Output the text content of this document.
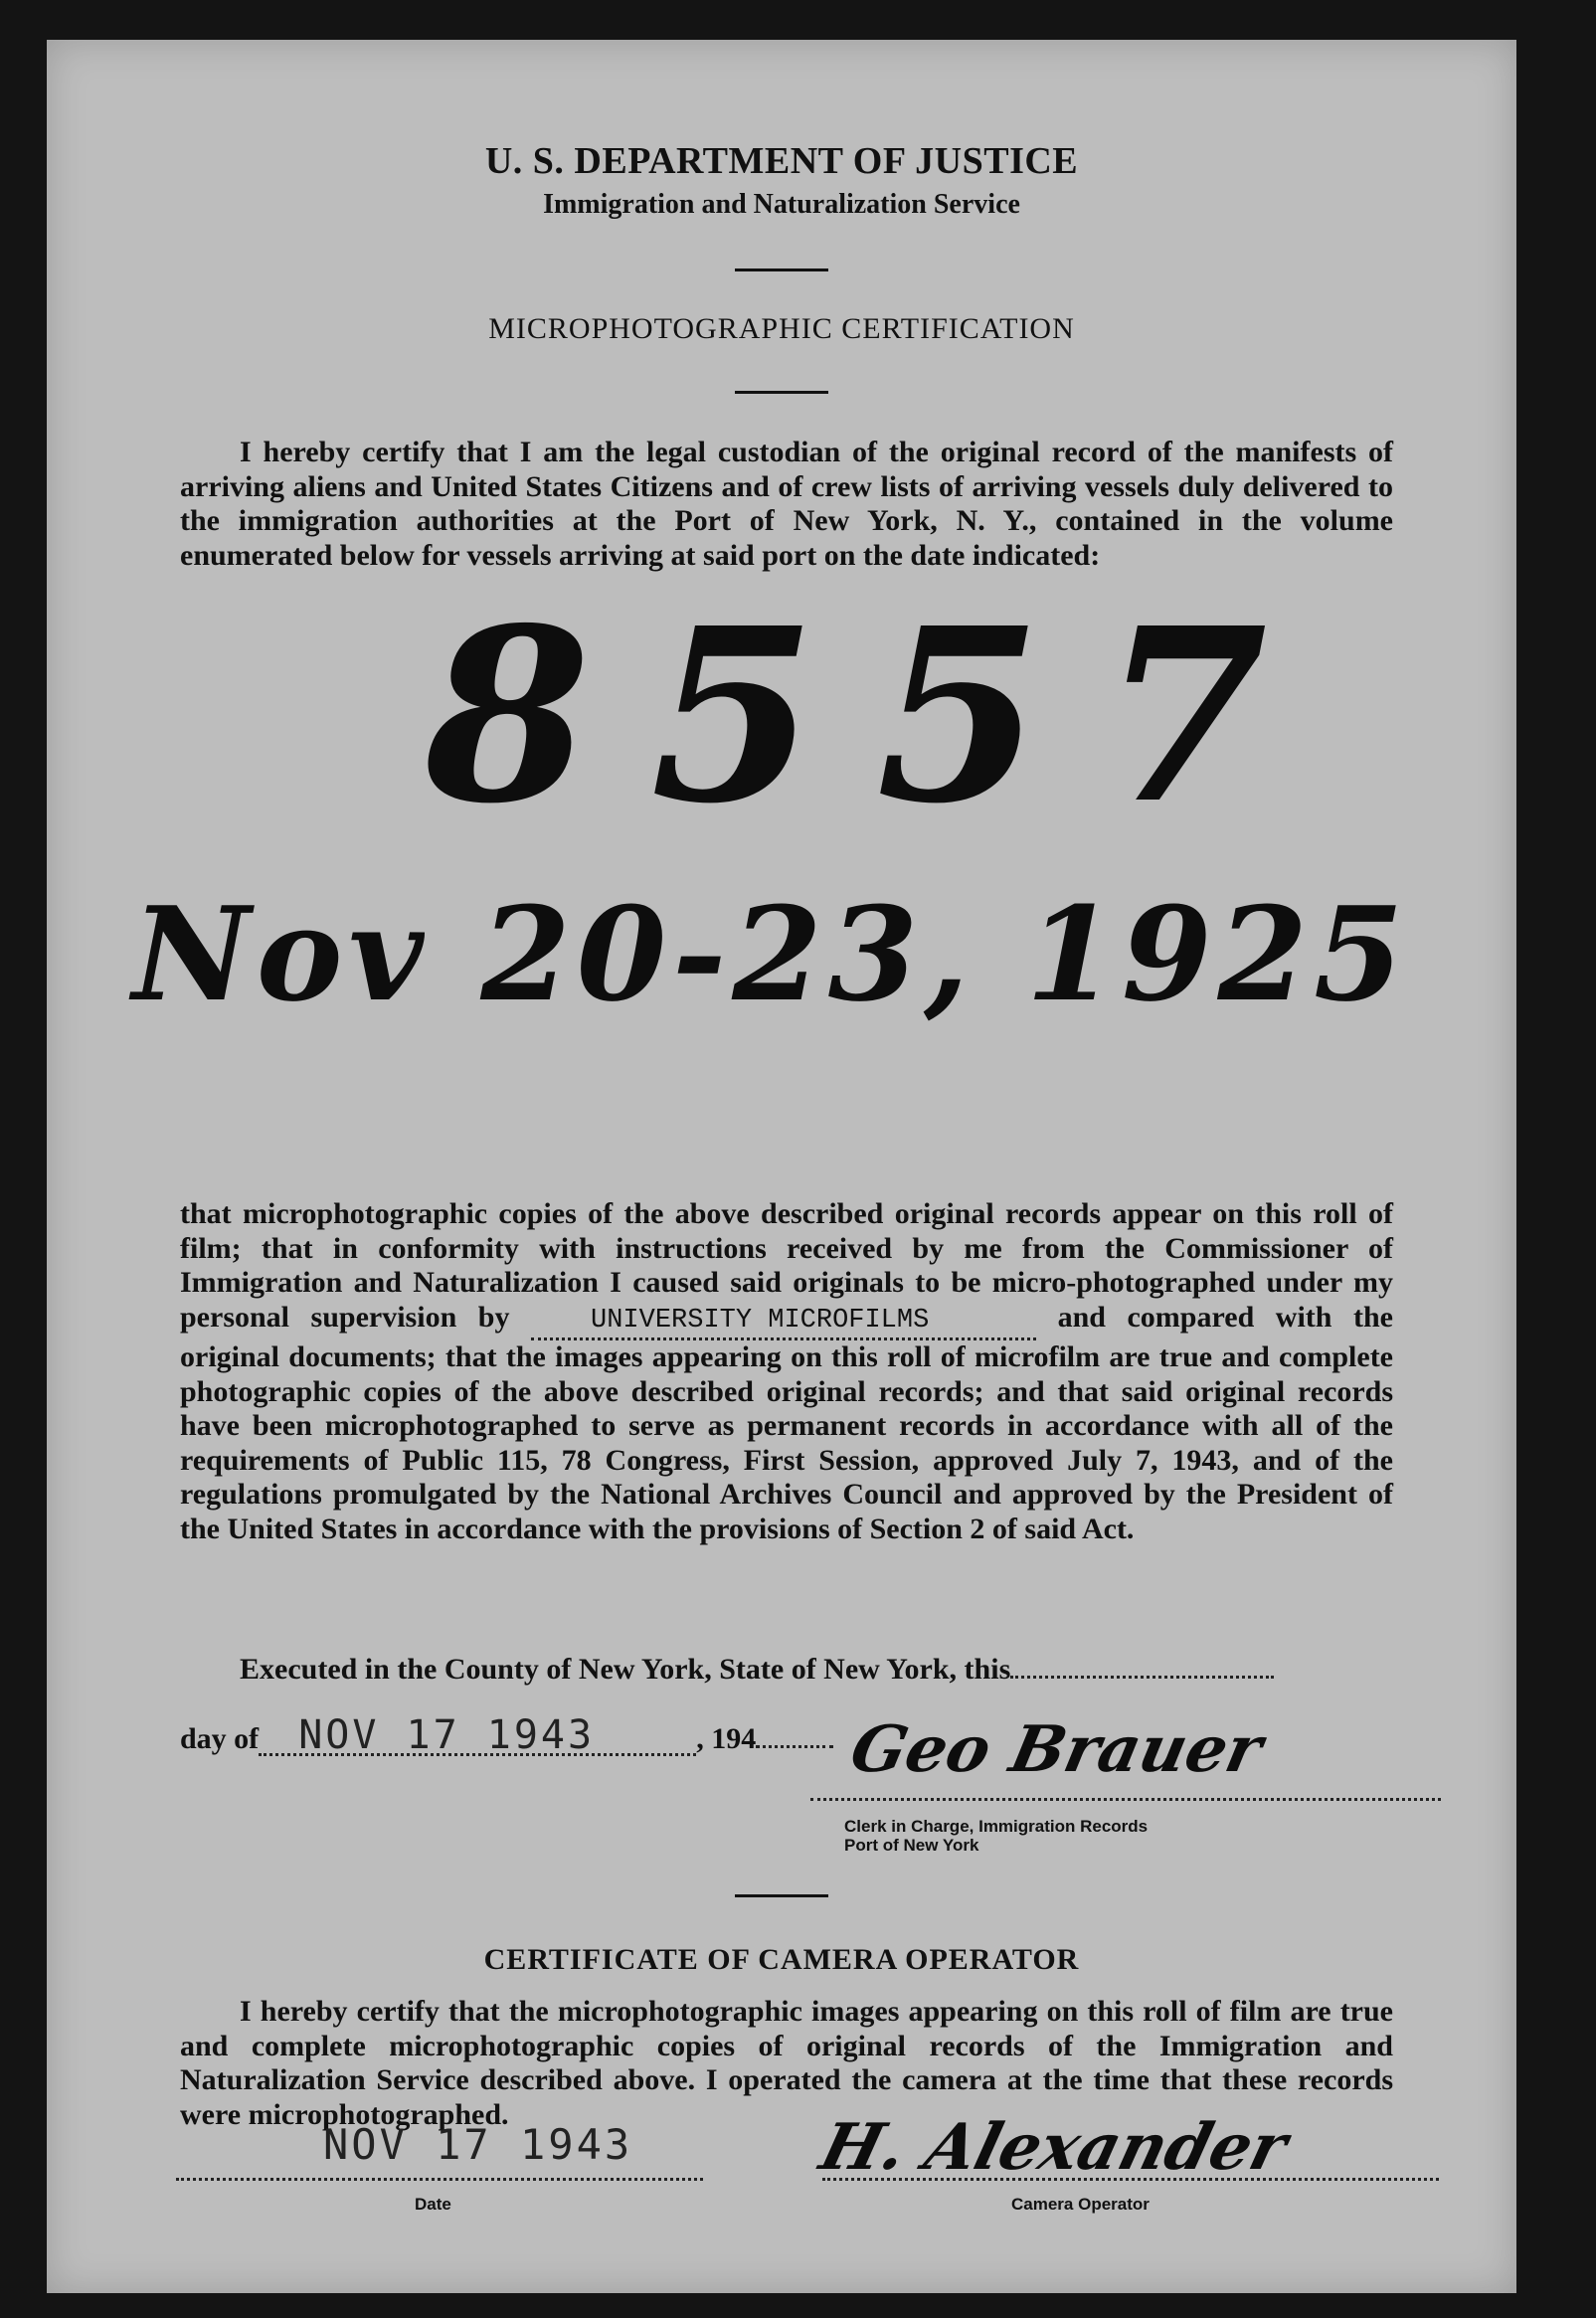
U. S. DEPARTMENT OF JUSTICE
Immigration and Naturalization Service
MICROPHOTOGRAPHIC CERTIFICATION
I hereby certify that I am the legal custodian of the original record of the manifests of arriving aliens and United States Citizens and of crew lists of arriving vessels duly delivered to the immigration authorities at the Port of New York, N. Y., contained in the volume enumerated below for vessels arriving at said port on the date indicated:
8557
Nov 20-23, 1925
that microphotographic copies of the above described original records appear on this roll of film; that in conformity with instructions received by me from the Commissioner of Immigration and Naturalization I caused said originals to be micro-photographed under my personal supervision by	UNIVERSITY MICROFILMS	and compared with the original documents; that the images appearing on this roll of microfilm are true and complete photographic copies of the above described original records; and that said original records have been microphotographed to serve as permanent records in accordance with all of the requirements of Public 115, 78 Congress, First Session, approved July 7, 1943, and of the regulations promulgated by the National Archives Council and approved by the President of the United States in accordance with the provisions of Section 2 of said Act.
Executed in the County of New York, State of New York, this
day of NOV 17 1943	, 194	Geo Brauer
Clerk in Charge, Immigration Records
Port of New York
CERTIFICATE OF CAMERA OPERATOR
I hereby certify that the microphotographic images appearing on this roll of film are true and complete microphotographic copies of original records of the Immigration and Naturalization Service described above. I operated the camera at the time that these records were microphotographed.
NOV 17 1943
Date
H. Alexander
Camera Operator
